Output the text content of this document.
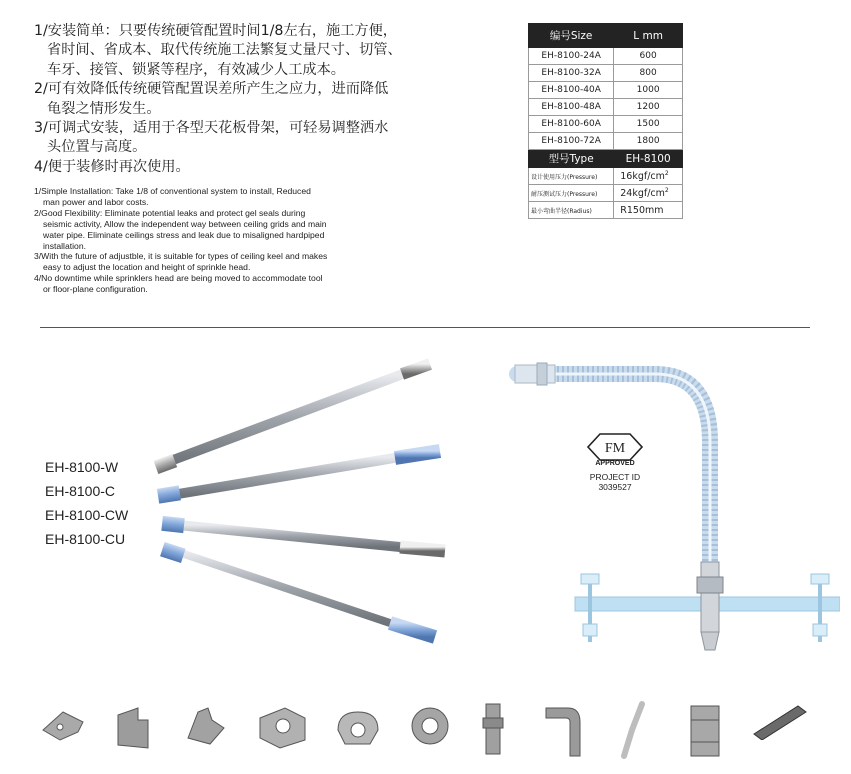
1/安装简单：只要传统硬管配置时间1/8左右，施工方便，
省时间、省成本、取代传统施工法繁复丈量尺寸、切管、
车牙、接管、锁紧等程序，有效减少人工成本。
2/可有效降低传统硬管配置误差所产生之应力，进而降低
龟裂之情形发生。
3/可调式安装，适用于各型天花板骨架，可轻易调整洒水
头位置与高度。
4/便于装修时再次使用。
1/Simple Installation: Take 1/8 of conventional system to install, Reduced
man power and labor costs.
2/Good Flexibility: Eliminate potential leaks and protect gel seals during
seismic activity, Allow the independent way between ceiling grids and main
water pipe. Eliminate ceilings stress and leak due to misaligned hardpiped
installation.
3/With the future of adjustble, it is suitable for types of ceiling keel and makes
easy to adjust the location and height of sprinkle head.
4/No downtime while sprinklers head are being moved to accommodate tool
or floor-plane configuration.
编号Size	L mm
EH-8100-24A	600
EH-8100-32A	800
EH-8100-40A	1000
EH-8100-48A	1200
EH-8100-60A	1500
EH-8100-72A	1800
型号Type	EH-8100
设计使用压力(Pressure)	$16kgf/cm^2$
耐压测试压力(Pressure)	$24kgf/cm^2$
最小弯曲半径(Radius)	R150mm
EH-8100-W
EH-8100-C
EH-8100-CW
EH-8100-CU
FM
APPROVED
PROJECT ID
3039527
